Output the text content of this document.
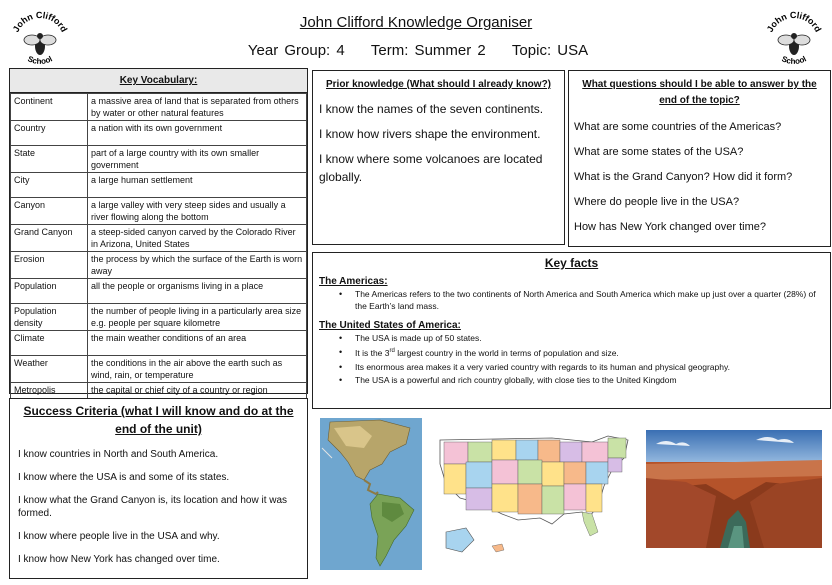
John Clifford
School
John Clifford
School
John Clifford Knowledge Organiser
Year Group: 4 Term: Summer 2 Topic: USA
Key Vocabulary:
Continent	a massive area of land that is separated from others by water or other natural features
Country	a nation with its own government
State	part of a large country with its own smaller government
City	a large human settlement
Canyon	a large valley with very steep sides and usually a river flowing along the bottom
Grand Canyon	a steep-sided canyon carved by the Colorado River in Arizona, United States
Erosion	the process by which the surface of the Earth is worn away
Population	all the people or organisms living in a place
Population density	the number of people living in a particularly area size e.g. people per square kilometre
Climate	the main weather conditions of an area
Weather	the conditions in the air above the earth such as wind, rain, or temperature
Metropolis	the capital or chief city of a country or region
Prior knowledge (What should I already know?)
I know the names of the seven continents.
I know how rivers shape the environment.
I know where some volcanoes are located globally.
What questions should I be able to answer by the end of the topic?
What are some countries of the Americas?
What are some states of the USA?
What is the Grand Canyon? How did it form?
Where do people live in the USA?
How has New York changed over time?
Key facts
The Americas:
• The Americas refers to the two continents of North America and South America which make up just over a quarter (28%) of the Earth’s land mass.
The United States of America:
• The USA is made up of 50 states.
• It is the 3rd largest country in the world in terms of population and size.
• Its enormous area makes it a very varied country with regards to its human and physical geography.
• The USA is a powerful and rich country globally, with close ties to the United Kingdom
Success Criteria (what I will know and do at the end of the unit)
I know countries in North and South America.
I know where the USA is and some of its states.
I know what the Grand Canyon is, its location and how it was formed.
I know where people live in the USA and why.
I know how New York has changed over time.
